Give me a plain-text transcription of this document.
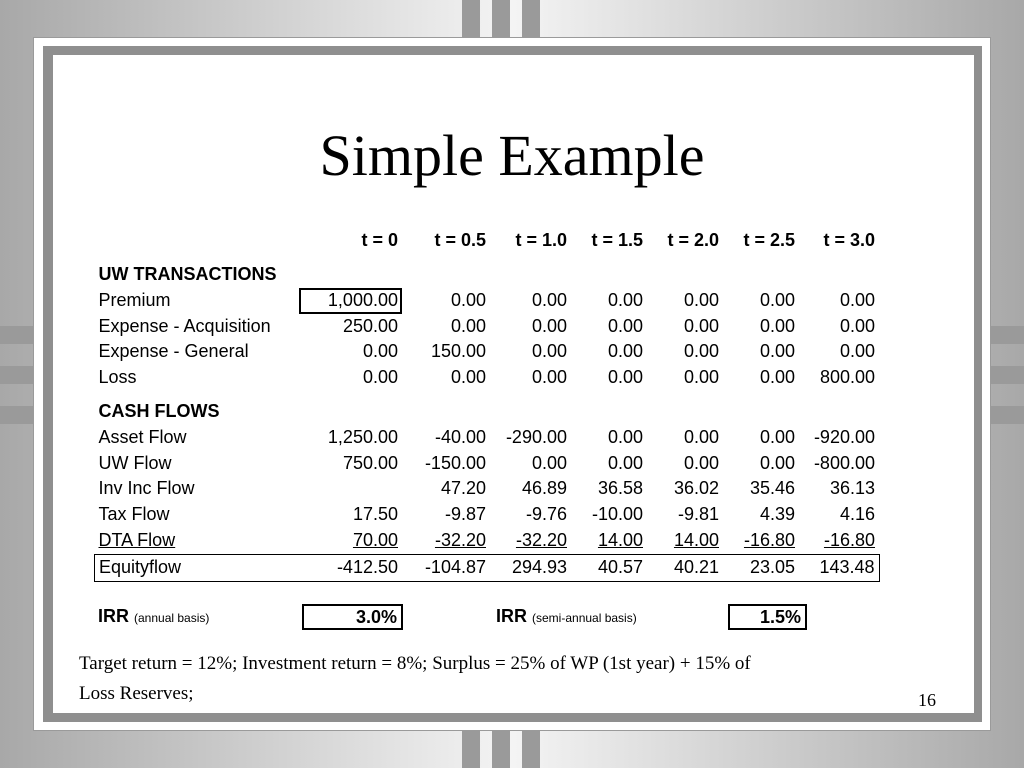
Simple Example
	t = 0	t = 0.5	t = 1.0	t = 1.5	t = 2.0	t = 2.5	t = 3.0
UW TRANSACTIONS							
Premium	1,000.00	0.00	0.00	0.00	0.00	0.00	0.00
Expense - Acquisition	250.00	0.00	0.00	0.00	0.00	0.00	0.00
Expense - General	0.00	150.00	0.00	0.00	0.00	0.00	0.00
Loss	0.00	0.00	0.00	0.00	0.00	0.00	800.00
CASH FLOWS							
Asset Flow	1,250.00	-40.00	-290.00	0.00	0.00	0.00	-920.00
UW Flow	750.00	-150.00	0.00	0.00	0.00	0.00	-800.00
Inv Inc Flow		47.20	46.89	36.58	36.02	35.46	36.13
Tax Flow	17.50	-9.87	-9.76	-10.00	-9.81	4.39	4.16
DTA Flow	70.00	-32.20	-32.20	14.00	14.00	-16.80	-16.80
Equityflow	-412.50	-104.87	294.93	40.57	40.21	23.05	143.48
IRR (annual basis)	3.0%	IRR (semi-annual basis)	1.5%
Target return = 12%; Investment return = 8%; Surplus = 25% of WP (1st year) + 15% of
Loss Reserves;	16
